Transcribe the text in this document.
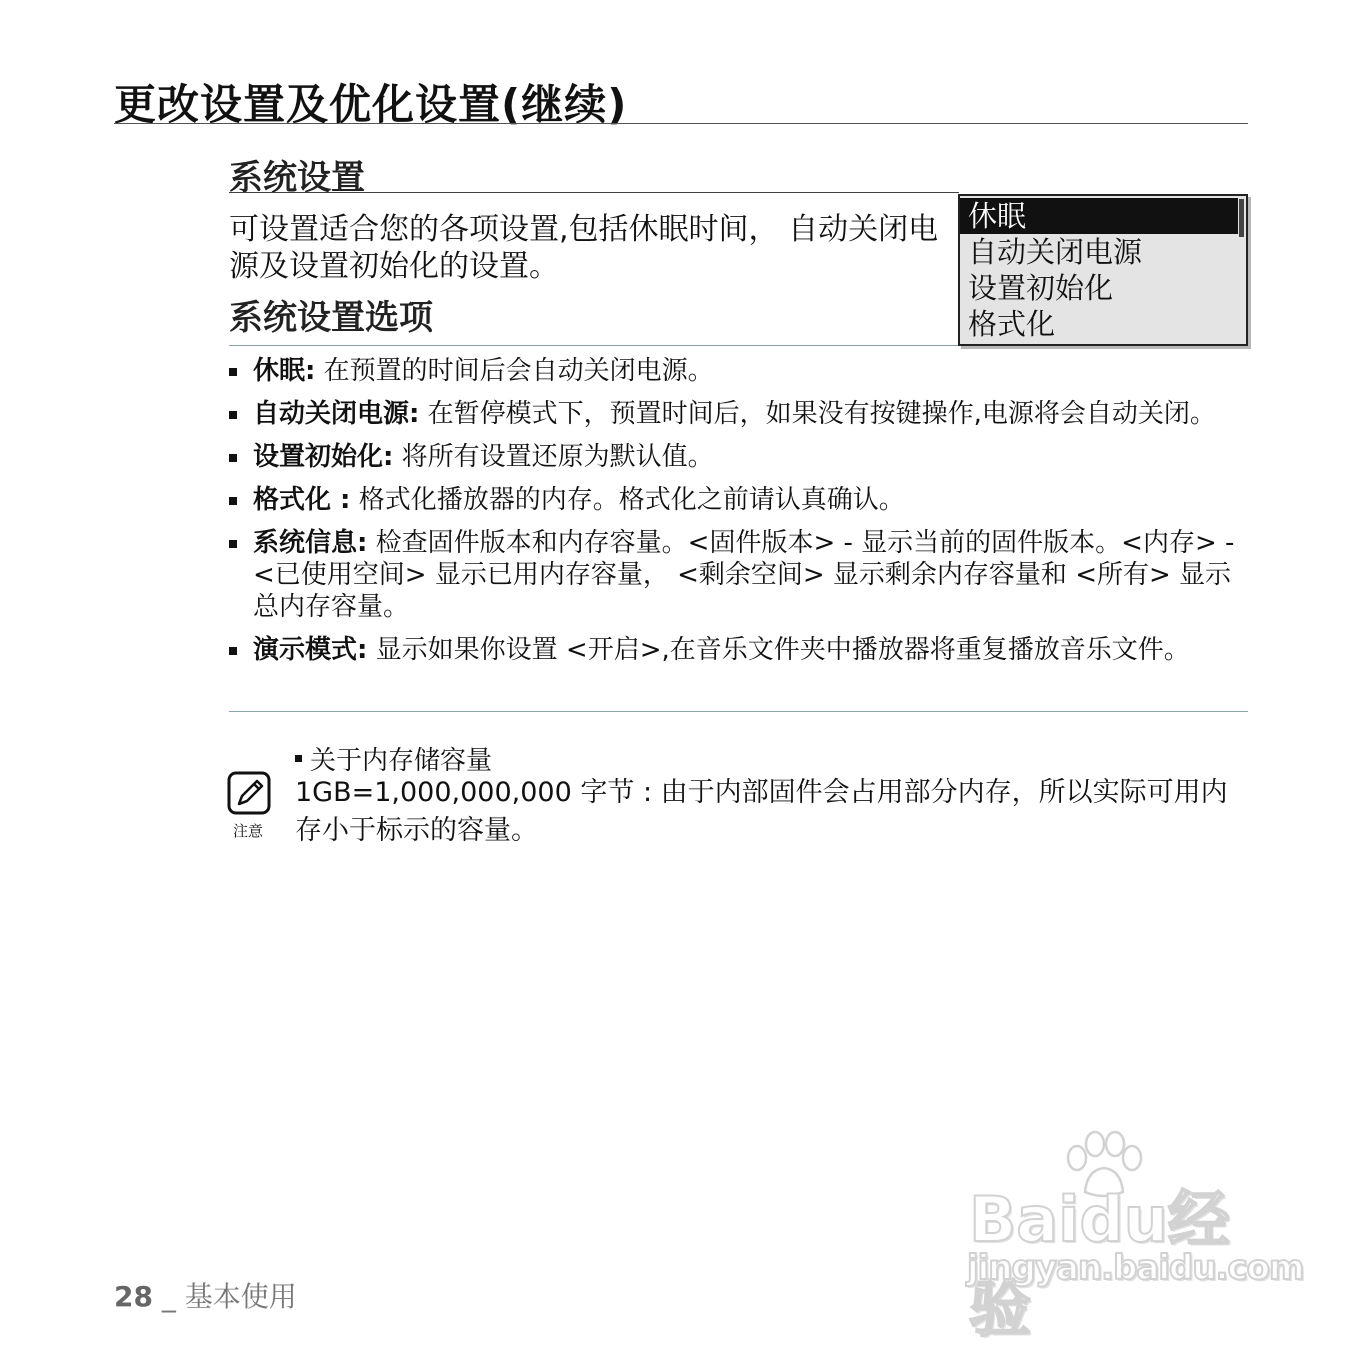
更改设置及优化设置(继续)
系统设置
可设置适合您的各项设置,包括休眠时间， 自动关闭电源及设置初始化的设置。
系统设置选项
休眠
自动关闭电源
设置初始化
格式化
休眠: 在预置的时间后会自动关闭电源。
自动关闭电源: 在暂停模式下，预置时间后，如果没有按键操作,电源将会自动关闭。
设置初始化: 将所有设置还原为默认值。
格式化 : 格式化播放器的内存。格式化之前请认真确认。
系统信息: 检查固件版本和内存容量。<固件版本> - 显示当前的固件版本。<内存> - <已使用空间> 显示已用内存容量， <剩余空间> 显示剩余内存容量和 <所有> 显示总内存容量。
演示模式: 显示如果你设置 <开启>,在音乐文件夹中播放器将重复播放音乐文件。
注意
关于内存储容量
1GB=1,000,000,000 字节 : 由于内部固件会占用部分内存，所以实际可用内存小于标示的容量。
Baidu经验
jingyan.baidu.com
28 _ 基本使用
